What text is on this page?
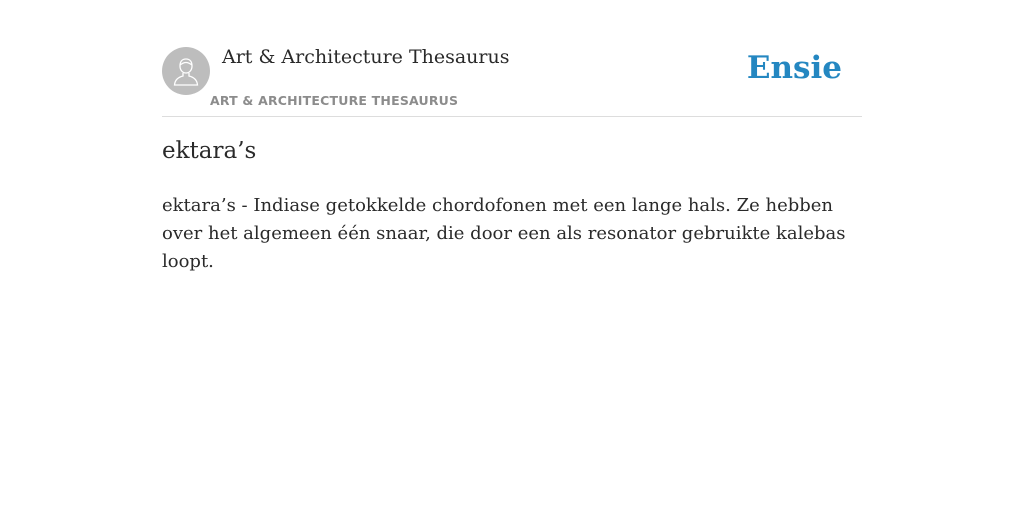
Art & Architecture Thesaurus
ART & ARCHITECTURE THESAURUS
Ensie
ektara’s

ektara’s - Indiase getokkelde chordofonen met een lange hals. Ze hebben over het algemeen één snaar, die door een als resonator gebruikte kalebas loopt.
